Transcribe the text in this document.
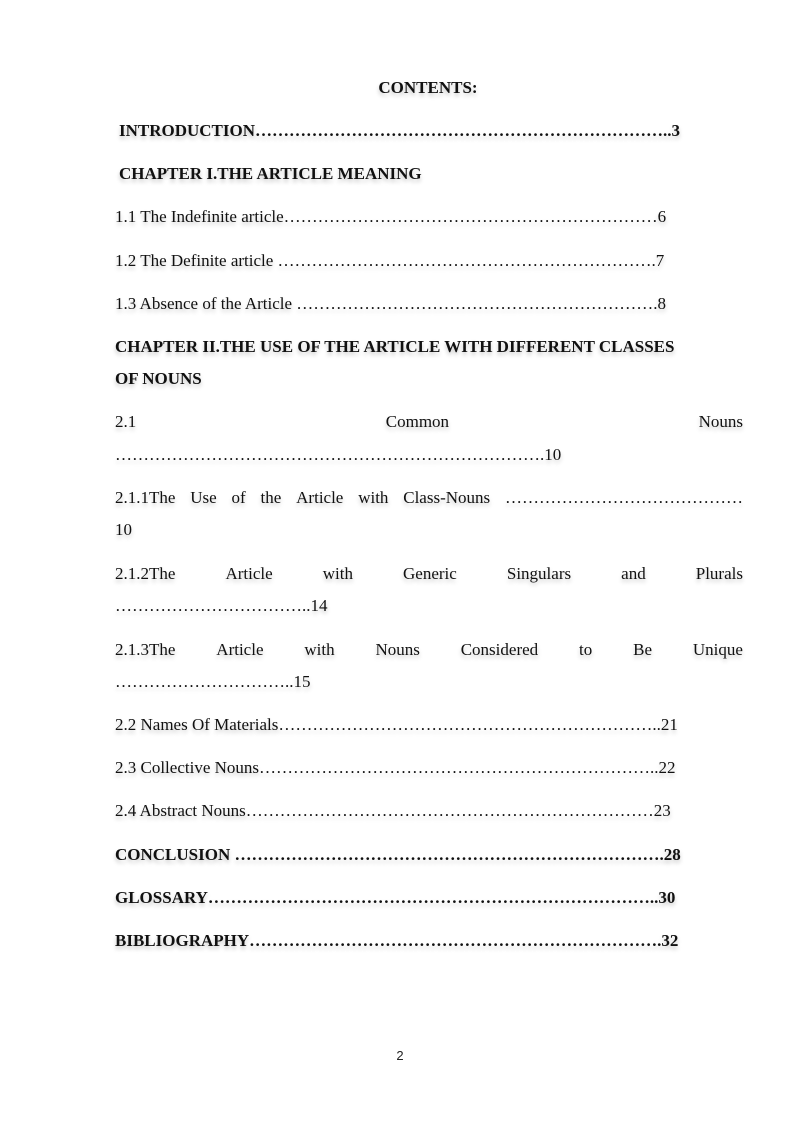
CONTENTS:
INTRODUCTION………………………………………………………………..3
CHAPTER I.THE ARTICLE MEANING
1.1 The Indefinite article…………………………………………………………6
1.2 The Definite article ………………………………………………………….7
1.3 Absence of the Article ……………………………………………………….8
CHAPTER II.THE USE OF THE ARTICLE WITH DIFFERENT CLASSES
OF NOUNS
2.1	Common	Nouns
………………………………………………………………….10
2.1.1The Use of the Article with Class-Nouns ……………………………………
10
2.1.2The	Article	with	Generic	Singulars	and	Plurals
……………………………..14
2.1.3The Article with Nouns Considered to Be Unique
…………………………..15
2.2 Names Of Materials…………………………………………………………..21
2.3 Collective Nouns……………………………………………………………..22
2.4 Abstract Nouns………………………………………………………………23
CONCLUSION ………………………………………………………………….28
GLOSSARY……………………………………………………………………..30
BIBLIOGRAPHY……………………………………………………………….32
2
